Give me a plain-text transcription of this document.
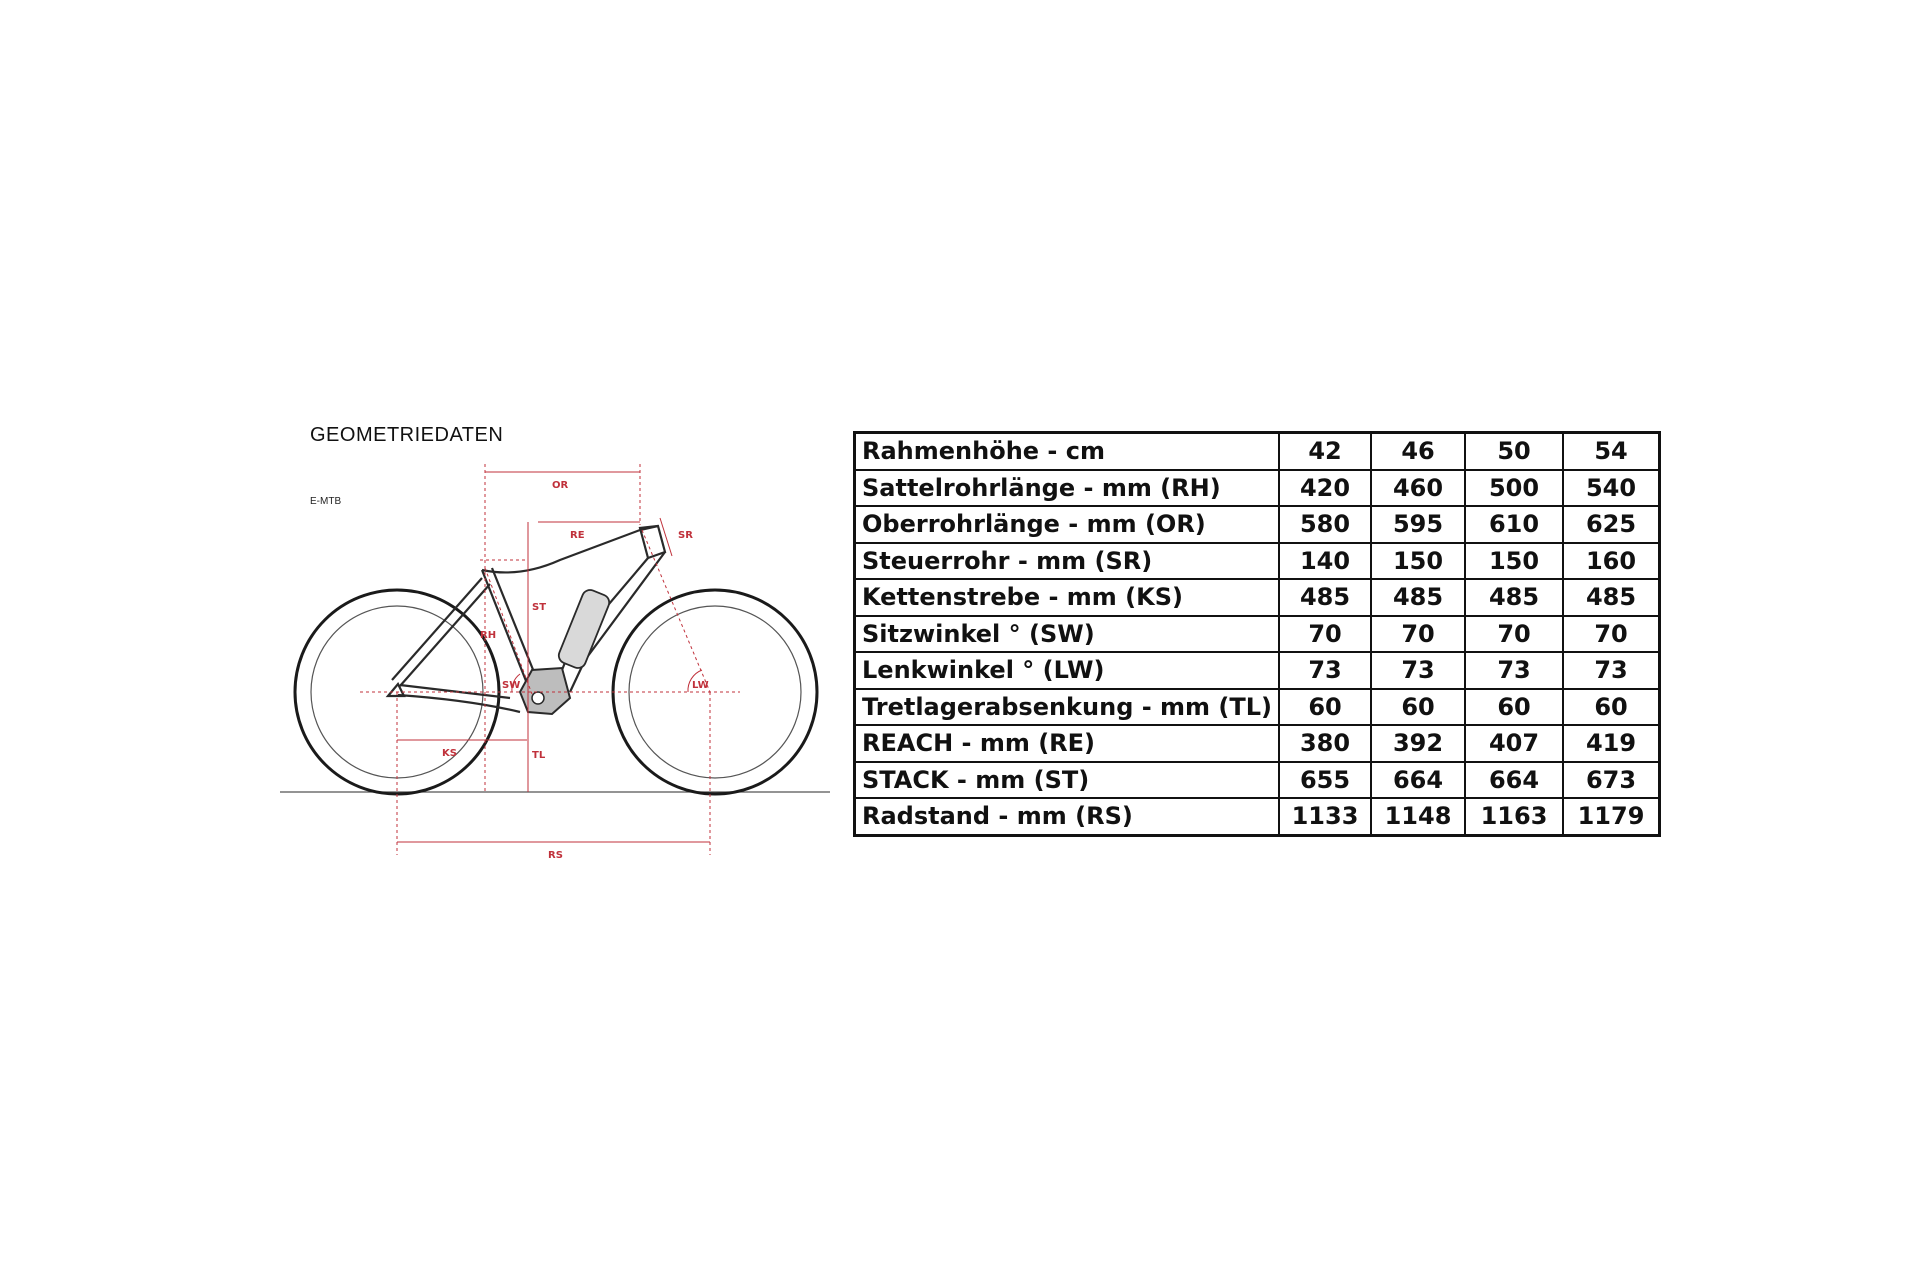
GEOMETRIEDATEN
E-MTB
OR
RE	SR
ST
RH
SW	LW
KS	TL
RS
Rahmenhöhe - cm	42	46	50	54
Sattelrohrlänge - mm (RH)	420	460	500	540
Oberrohrlänge - mm (OR)	580	595	610	625
Steuerrohr - mm (SR)	140	150	150	160
Kettenstrebe - mm (KS)	485	485	485	485
Sitzwinkel ° (SW)	70	70	70	70
Lenkwinkel ° (LW)	73	73	73	73
Tretlagerabsenkung - mm (TL)	60	60	60	60
REACH - mm (RE)	380	392	407	419
STACK - mm (ST)	655	664	664	673
Radstand - mm (RS)	1133	1148	1163	1179
